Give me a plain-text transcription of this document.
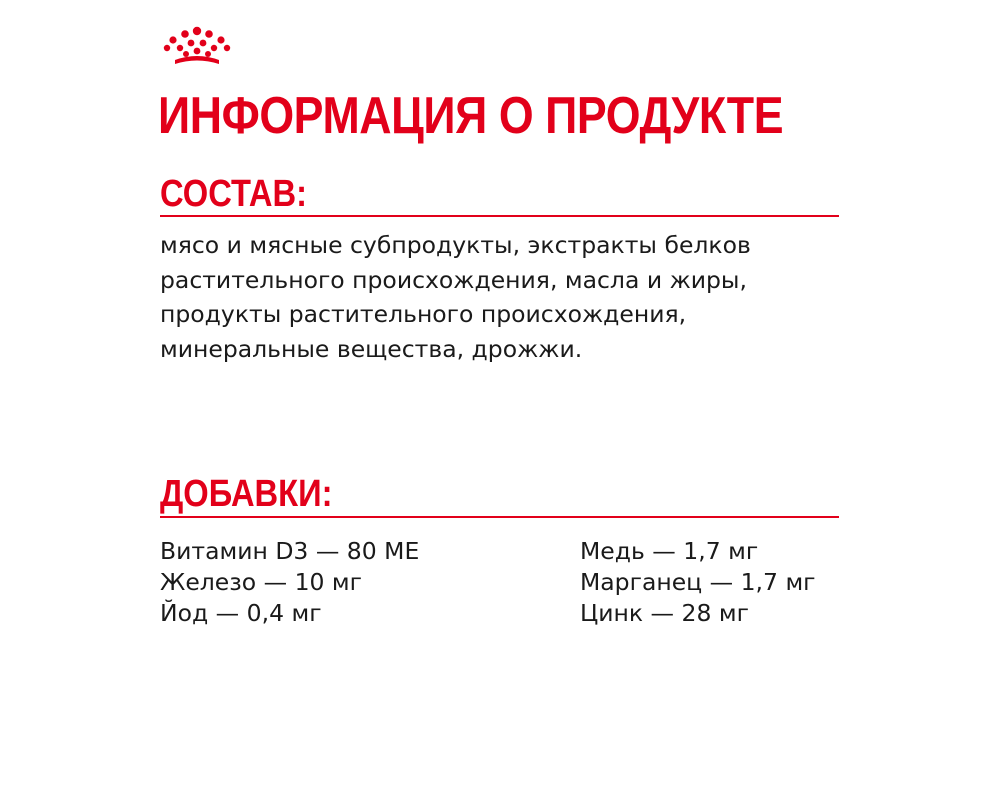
ИНФОРМАЦИЯ О ПРОДУКТЕ
СОСТАВ:

мясо и мясные субпродукты, экстракты белков
растительного происхождения, масла и жиры,
продукты растительного происхождения,
минеральные вещества, дрожжи.

ДОБАВКИ:
Витамин D3 — 80 МЕ
Железо — 10 мг
Йод — 0,4 мг
Медь — 1,7 мг
Марганец — 1,7 мг
Цинк — 28 мг
